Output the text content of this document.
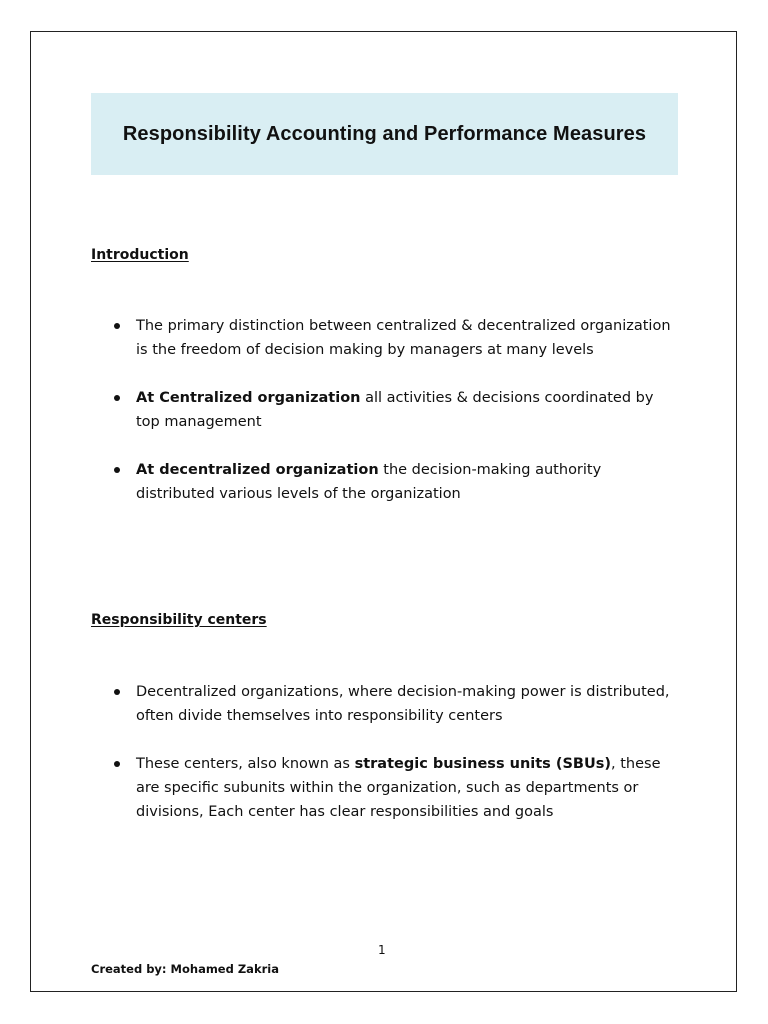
Responsibility Accounting and Performance Measures
Introduction
The primary distinction between centralized & decentralized organization is the freedom of decision making by managers at many levels
At Centralized organization all activities & decisions coordinated by top management
At decentralized organization the decision-making authority distributed various levels of the organization
Responsibility centers
Decentralized organizations, where decision-making power is distributed, often divide themselves into responsibility centers
These centers, also known as strategic business units (SBUs), these are specific subunits within the organization, such as departments or divisions, Each center has clear responsibilities and goals
1
Created by: Mohamed Zakria
